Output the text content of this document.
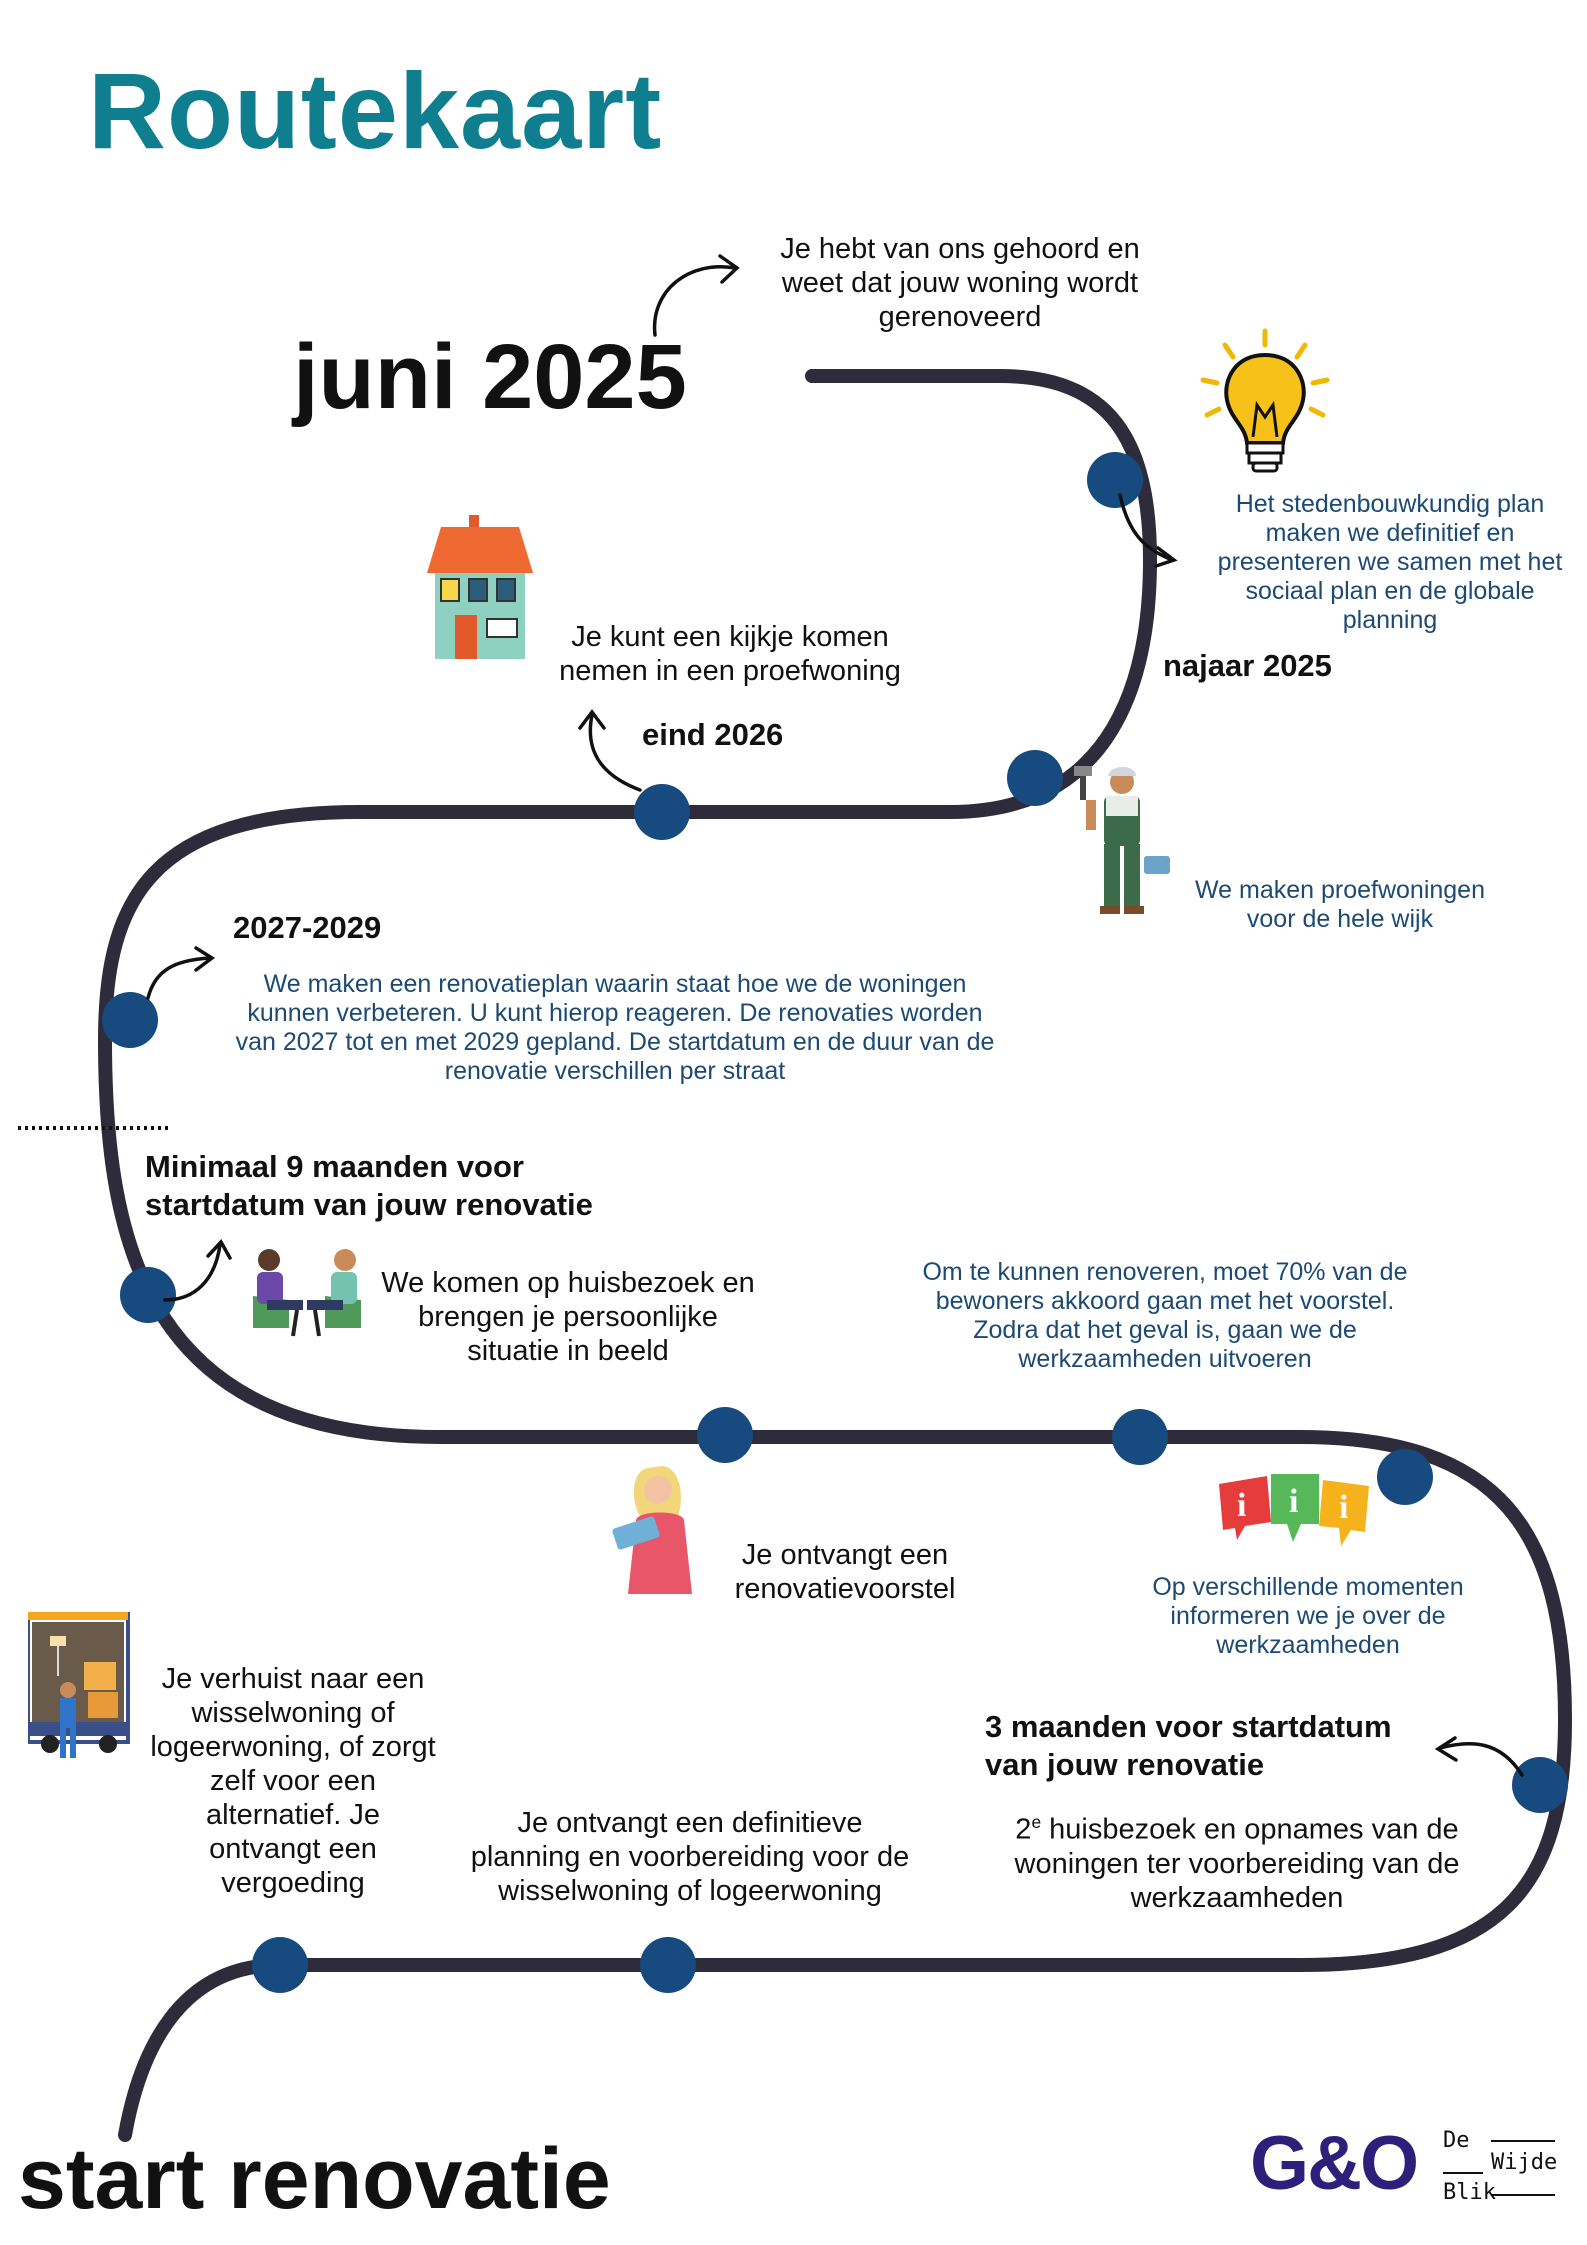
Routekaart
juni 2025
Je hebt van ons gehoord en weet dat jouw woning wordt gerenoveerd
Het stedenbouwkundig plan maken we definitief en presenteren we samen met het sociaal plan en de globale planning
najaar 2025
Je kunt een kijkje komen nemen in een proefwoning
eind 2026
We maken proefwoningen voor de hele wijk
2027-2029
We maken een renovatieplan waarin staat hoe we de woningen kunnen verbeteren. U kunt hierop reageren. De renovaties worden van 2027 tot en met 2029 gepland. De startdatum en de duur van de renovatie verschillen per straat
Minimaal 9 maanden voor
startdatum van jouw renovatie
We komen op huisbezoek en brengen je persoonlijke situatie in beeld
Om te kunnen renoveren, moet 70% van de bewoners akkoord gaan met het voorstel. Zodra dat het geval is, gaan we de werkzaamheden uitvoeren
Je ontvangt een renovatievoorstel
i i i
Op verschillende momenten informeren we je over de werkzaamheden
Je verhuist naar een wisselwoning of logeerwoning, of zorgt zelf voor een alternatief. Je ontvangt een vergoeding
3 maanden voor startdatum
van jouw renovatie
2e huisbezoek en opnames van de woningen ter voorbereiding van de werkzaamheden
Je ontvangt een definitieve planning en voorbereiding voor de wisselwoning of logeerwoning
start renovatie	G&O De
Wijde
Blik
